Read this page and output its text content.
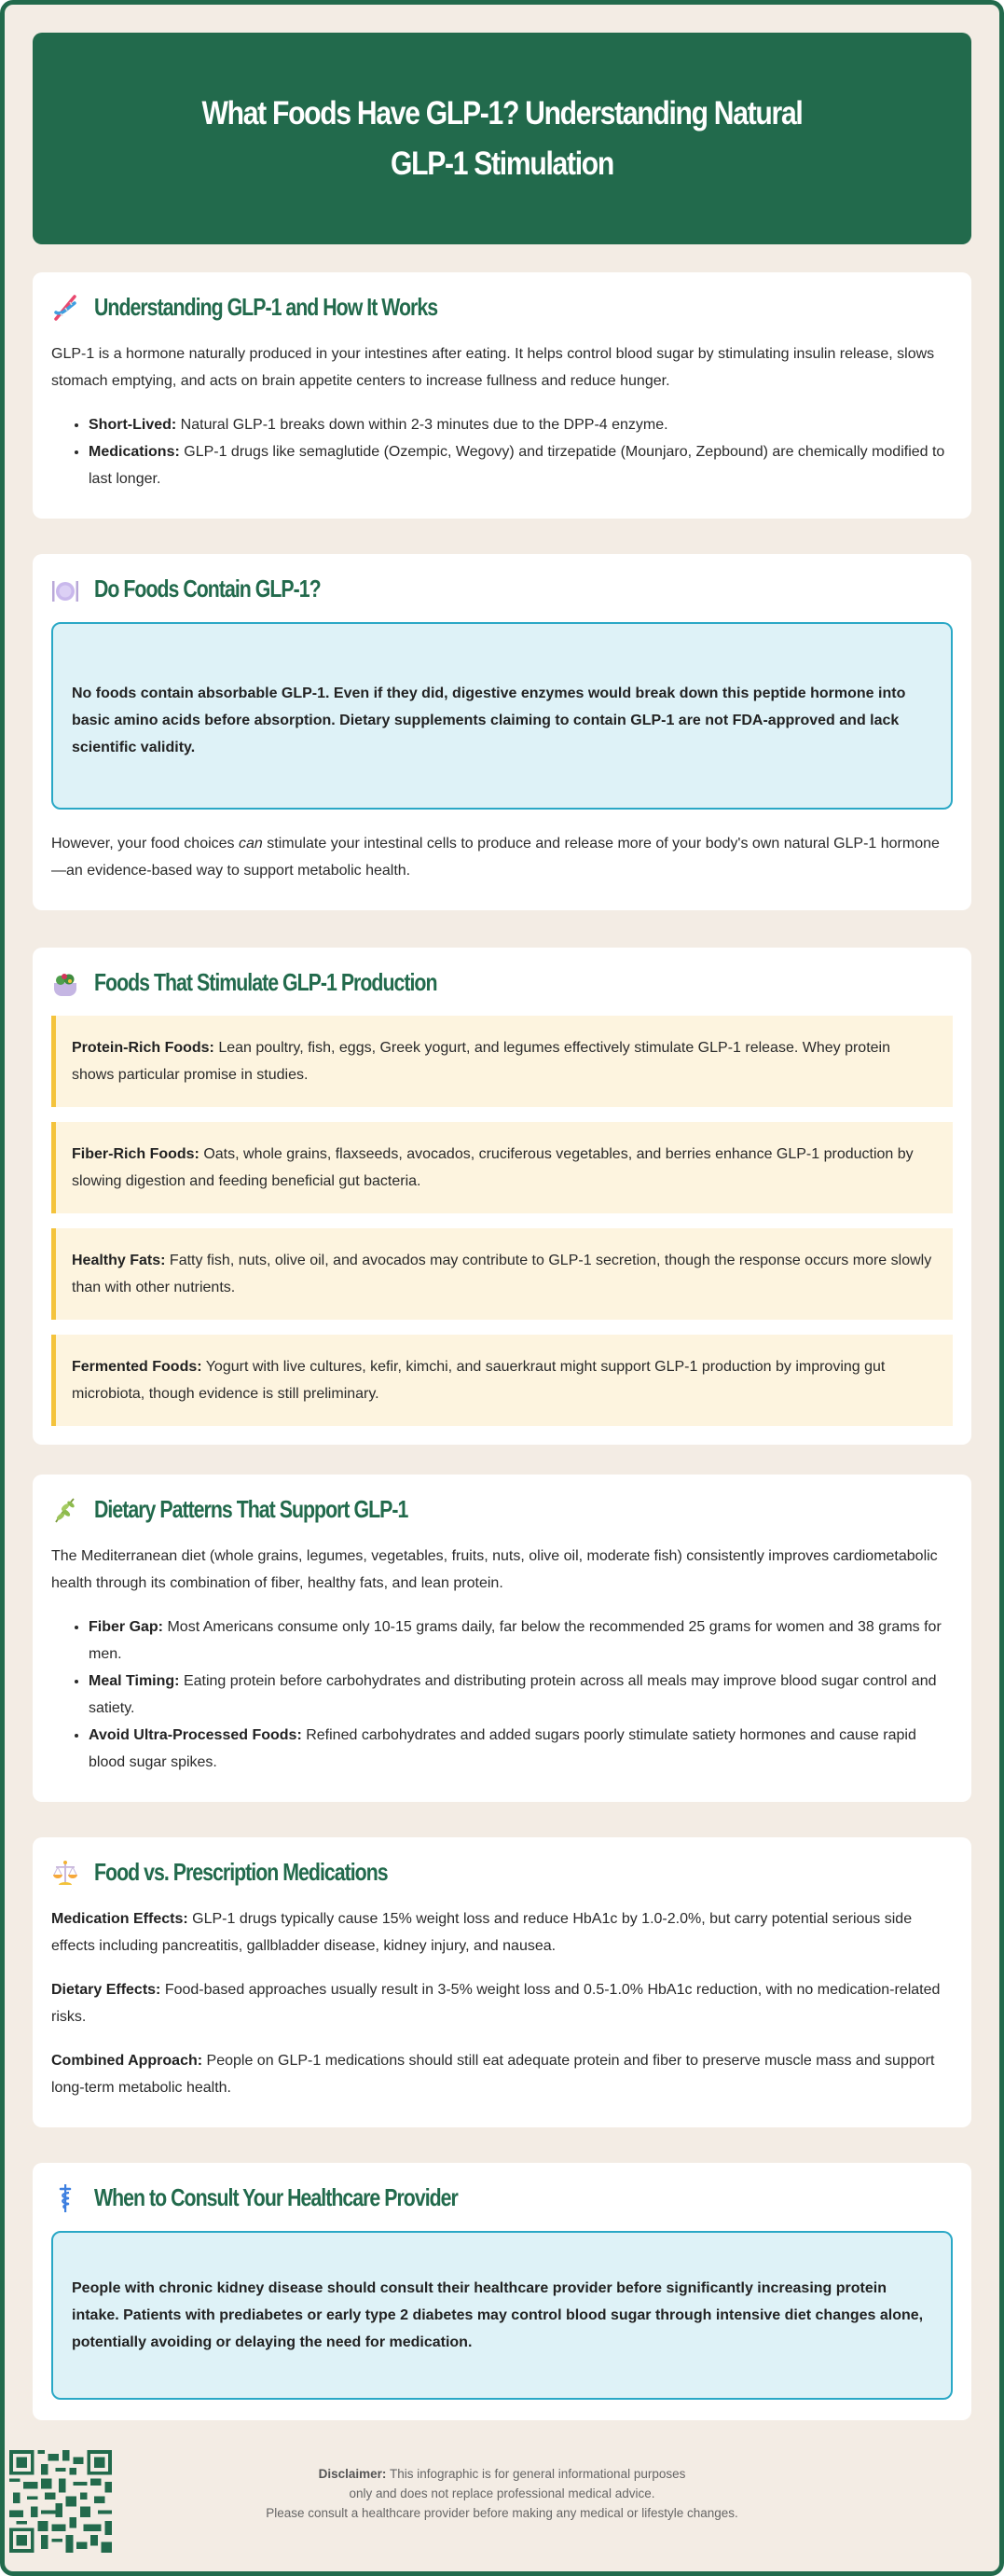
What Foods Have GLP-1? Understanding Natural GLP-1 Stimulation
Understanding GLP-1 and How It Works

GLP-1 is a hormone naturally produced in your intestines after eating. It helps control blood sugar by stimulating insulin release, slows stomach emptying, and acts on brain appetite centers to increase fullness and reduce hunger.

• Short-Lived: Natural GLP-1 breaks down within 2-3 minutes due to the DPP-4 enzyme.
• Medications: GLP-1 drugs like semaglutide (Ozempic, Wegovy) and tirzepatide (Mounjaro, Zepbound) are chemically modified to last longer.
Do Foods Contain GLP-1?

No foods contain absorbable GLP-1. Even if they did, digestive enzymes would break down this peptide hormone into basic amino acids before absorption. Dietary supplements claiming to contain GLP-1 are not FDA-approved and lack scientific validity.

However, your food choices can stimulate your intestinal cells to produce and release more of your body's own natural GLP-1 hormone—an evidence-based way to support metabolic health.

Foods That Stimulate GLP-1 Production

Protein-Rich Foods: Lean poultry, fish, eggs, Greek yogurt, and legumes effectively stimulate GLP-1 release. Whey protein shows particular promise in studies.

Fiber-Rich Foods: Oats, whole grains, flaxseeds, avocados, cruciferous vegetables, and berries enhance GLP-1 production by slowing digestion and feeding beneficial gut bacteria.

Healthy Fats: Fatty fish, nuts, olive oil, and avocados may contribute to GLP-1 secretion, though the response occurs more slowly than with other nutrients.

Fermented Foods: Yogurt with live cultures, kefir, kimchi, and sauerkraut might support GLP-1 production by improving gut microbiota, though evidence is still preliminary.

Dietary Patterns That Support GLP-1

The Mediterranean diet (whole grains, legumes, vegetables, fruits, nuts, olive oil, moderate fish) consistently improves cardiometabolic health through its combination of fiber, healthy fats, and lean protein.

• Fiber Gap: Most Americans consume only 10-15 grams daily, far below the recommended 25 grams for women and 38 grams for men.
• Meal Timing: Eating protein before carbohydrates and distributing protein across all meals may improve blood sugar control and satiety.
• Avoid Ultra-Processed Foods: Refined carbohydrates and added sugars poorly stimulate satiety hormones and cause rapid blood sugar spikes.
Food vs. Prescription Medications

Medication Effects: GLP-1 drugs typically cause 15% weight loss and reduce HbA1c by 1.0-2.0%, but carry potential serious side effects including pancreatitis, gallbladder disease, kidney injury, and nausea.

Dietary Effects: Food-based approaches usually result in 3-5% weight loss and 0.5-1.0% HbA1c reduction, with no medication-related risks.

Combined Approach: People on GLP-1 medications should still eat adequate protein and fiber to preserve muscle mass and support long-term metabolic health.

When to Consult Your Healthcare Provider

People with chronic kidney disease should consult their healthcare provider before significantly increasing protein intake. Patients with prediabetes or early type 2 diabetes may control blood sugar through intensive diet changes alone, potentially avoiding or delaying the need for medication.

Disclaimer: This infographic is for general informational purposes
only and does not replace professional medical advice.
Please consult a healthcare provider before making any medical or lifestyle changes.
